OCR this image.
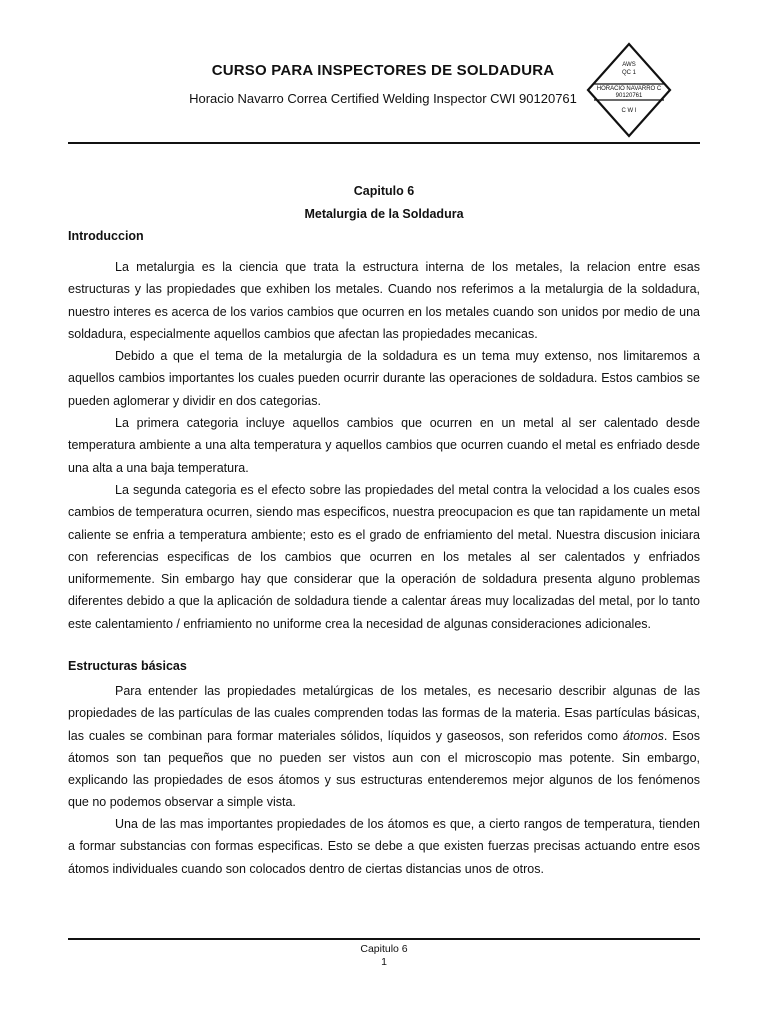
CURSO PARA INSPECTORES DE SOLDADURA
Horacio Navarro Correa Certified Welding Inspector CWI 90120761
AWS
QC 1
HORACIO NAVARRO C
90120761
C W I
Capitulo 6
Metalurgia de la Soldadura
Introduccion

La metalurgia es la ciencia que trata la estructura interna de los metales, la relacion entre esas estructuras y las propiedades que exhiben los metales. Cuando nos referimos a la metalurgia de la soldadura, nuestro interes es acerca de los varios cambios que ocurren en los metales cuando son unidos por medio de una soldadura, especialmente aquellos cambios que afectan las propiedades mecanicas.

Debido a que el tema de la metalurgia de la soldadura es un tema muy extenso, nos limitaremos a aquellos cambios importantes los cuales pueden ocurrir durante las operaciones de soldadura. Estos cambios se pueden aglomerar y dividir en dos categorias.

La primera categoria incluye aquellos cambios que ocurren en un metal al ser calentado desde temperatura ambiente a una alta temperatura y aquellos cambios que ocurren cuando el metal es enfriado desde una alta a una baja temperatura.

La segunda categoria es el efecto sobre las propiedades del metal contra la velocidad a los cuales esos cambios de temperatura ocurren, siendo mas especificos, nuestra preocupacion es que tan rapidamente un metal caliente se enfria a temperatura ambiente; esto es el grado de enfriamiento del metal. Nuestra discusion iniciara con referencias especificas de los cambios que ocurren en los metales al ser calentados y enfriados uniformemente. Sin embargo hay que considerar que la operación de soldadura presenta alguno problemas diferentes debido a que la aplicación de soldadura tiende a calentar áreas muy localizadas del metal, por lo tanto este calentamiento / enfriamiento no uniforme crea la necesidad de algunas consideraciones adicionales.

Estructuras básicas

Para entender las propiedades metalúrgicas de los metales, es necesario describir algunas de las propiedades de las partículas de las cuales comprenden todas las formas de la materia. Esas partículas básicas, las cuales se combinan para formar materiales sólidos, líquidos y gaseosos, son referidos como átomos. Esos átomos son tan pequeños que no pueden ser vistos aun con el microscopio mas potente. Sin embargo, explicando las propiedades de esos átomos y sus estructuras entenderemos mejor algunos de los fenómenos que no podemos observar a simple vista.

Una de las mas importantes propiedades de los átomos es que, a cierto rangos de temperatura, tienden a formar substancias con formas especificas. Esto se debe a que existen fuerzas precisas actuando entre esos átomos individuales cuando son colocados dentro de ciertas distancias unos de otros.

Capitulo 6
1
